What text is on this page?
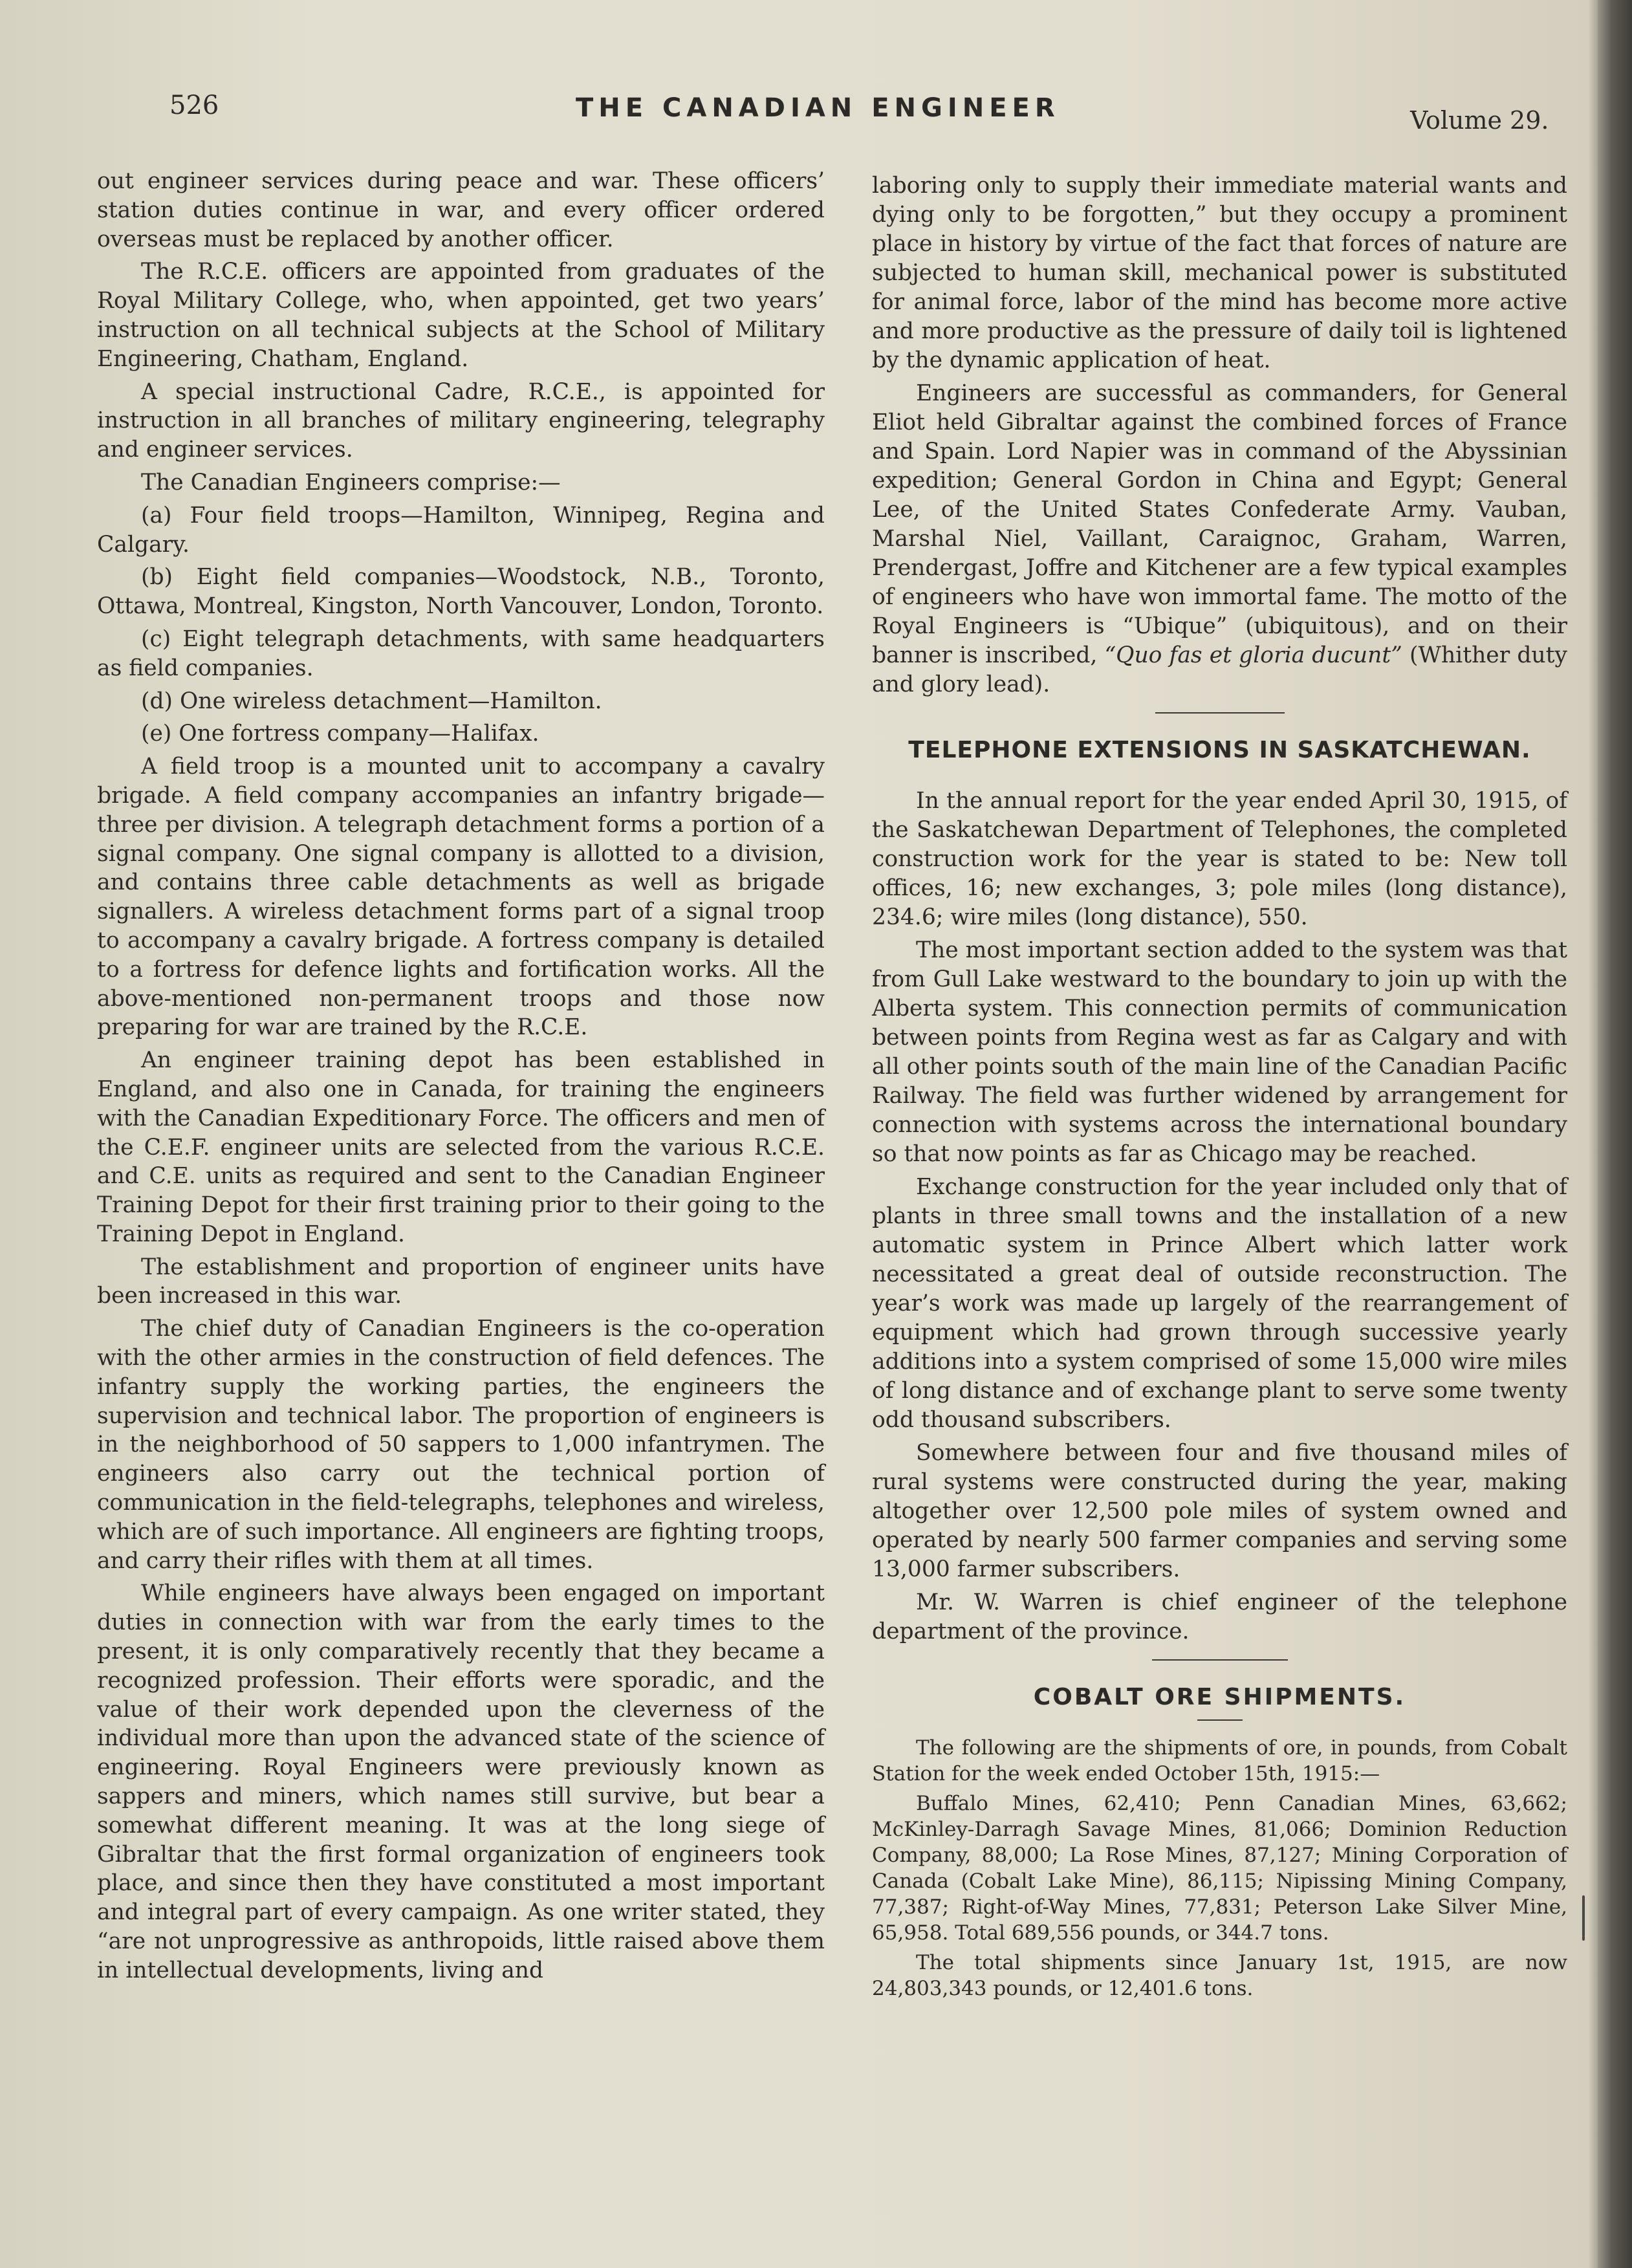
526	THE CANADIAN ENGINEER	Volume 29.

out engineer services during peace and war. These officers’ station duties continue in war, and every officer ordered overseas must be replaced by another officer.

The R.C.E. officers are appointed from graduates of the Royal Military College, who, when appointed, get two years’ instruction on all technical subjects at the School of Military Engineering, Chatham, England.

A special instructional Cadre, R.C.E., is appointed for instruction in all branches of military engineering, telegraphy and engineer services.

The Canadian Engineers comprise:—

(a) Four field troops—Hamilton, Winnipeg, Regina and Calgary.

(b) Eight field companies—Woodstock, N.B., Toronto, Ottawa, Montreal, Kingston, North Vancouver, London, Toronto.

(c) Eight telegraph detachments, with same headquarters as field companies.

(d) One wireless detachment—Hamilton.

(e) One fortress company—Halifax.

A field troop is a mounted unit to accompany a cavalry brigade. A field company accompanies an infantry brigade—three per division. A telegraph detachment forms a portion of a signal company. One signal company is allotted to a division, and contains three cable detachments as well as brigade signallers. A wireless detachment forms part of a signal troop to accompany a cavalry brigade. A fortress company is detailed to a fortress for defence lights and fortification works. All the above-mentioned non-permanent troops and those now preparing for war are trained by the R.C.E.

An engineer training depot has been established in England, and also one in Canada, for training the engineers with the Canadian Expeditionary Force. The officers and men of the C.E.F. engineer units are selected from the various R.C.E. and C.E. units as required and sent to the Canadian Engineer Training Depot for their first training prior to their going to the Training Depot in England.

The establishment and proportion of engineer units have been increased in this war.

The chief duty of Canadian Engineers is the co-operation with the other armies in the construction of field defences. The infantry supply the working parties, the engineers the supervision and technical labor. The proportion of engineers is in the neighborhood of 50 sappers to 1,000 infantrymen. The engineers also carry out the technical portion of communication in the field-telegraphs, telephones and wireless, which are of such importance. All engineers are fighting troops, and carry their rifles with them at all times.

While engineers have always been engaged on important duties in connection with war from the early times to the present, it is only comparatively recently that they became a recognized profession. Their efforts were sporadic, and the value of their work depended upon the cleverness of the individual more than upon the advanced state of the science of engineering. Royal Engineers were previously known as sappers and miners, which names still survive, but bear a somewhat different meaning. It was at the long siege of Gibraltar that the first formal organization of engineers took place, and since then they have constituted a most important and integral part of every campaign. As one writer stated, they “are not unprogressive as anthropoids, little raised above them in intellectual developments, living and

laboring only to supply their immediate material wants and dying only to be forgotten,” but they occupy a prominent place in history by virtue of the fact that forces of nature are subjected to human skill, mechanical power is substituted for animal force, labor of the mind has become more active and more productive as the pressure of daily toil is lightened by the dynamic application of heat.

Engineers are successful as commanders, for General Eliot held Gibraltar against the combined forces of France and Spain. Lord Napier was in command of the Abyssinian expedition; General Gordon in China and Egypt; General Lee, of the United States Confederate Army. Vauban, Marshal Niel, Vaillant, Caraignoc, Graham, Warren, Prendergast, Joffre and Kitchener are a few typical examples of engineers who have won immortal fame. The motto of the Royal Engineers is “Ubique” (ubiquitous), and on their banner is inscribed, “Quo fas et gloria ducunt” (Whither duty and glory lead).

TELEPHONE EXTENSIONS IN SASKATCHEWAN.

In the annual report for the year ended April 30, 1915, of the Saskatchewan Department of Telephones, the completed construction work for the year is stated to be: New toll offices, 16; new exchanges, 3; pole miles (long distance), 234.6; wire miles (long distance), 550.

The most important section added to the system was that from Gull Lake westward to the boundary to join up with the Alberta system. This connection permits of communication between points from Regina west as far as Calgary and with all other points south of the main line of the Canadian Pacific Railway. The field was further widened by arrangement for connection with systems across the international boundary so that now points as far as Chicago may be reached.

Exchange construction for the year included only that of plants in three small towns and the installation of a new automatic system in Prince Albert which latter work necessitated a great deal of outside reconstruction. The year’s work was made up largely of the rearrangement of equipment which had grown through successive yearly additions into a system comprised of some 15,000 wire miles of long distance and of exchange plant to serve some twenty odd thousand subscribers.

Somewhere between four and five thousand miles of rural systems were constructed during the year, making altogether over 12,500 pole miles of system owned and operated by nearly 500 farmer companies and serving some 13,000 farmer subscribers.

Mr. W. Warren is chief engineer of the telephone department of the province.

COBALT ORE SHIPMENTS.

The following are the shipments of ore, in pounds, from Cobalt Station for the week ended October 15th, 1915:—

Buffalo Mines, 62,410; Penn Canadian Mines, 63,662; McKinley-Darragh Savage Mines, 81,066; Dominion Reduction Company, 88,000; La Rose Mines, 87,127; Mining Corporation of Canada (Cobalt Lake Mine), 86,115; Nipissing Mining Company, 77,387; Right-of-Way Mines, 77,831; Peterson Lake Silver Mine, 65,958. Total 689,556 pounds, or 344.7 tons.

The total shipments since January 1st, 1915, are now 24,803,343 pounds, or 12,401.6 tons.
